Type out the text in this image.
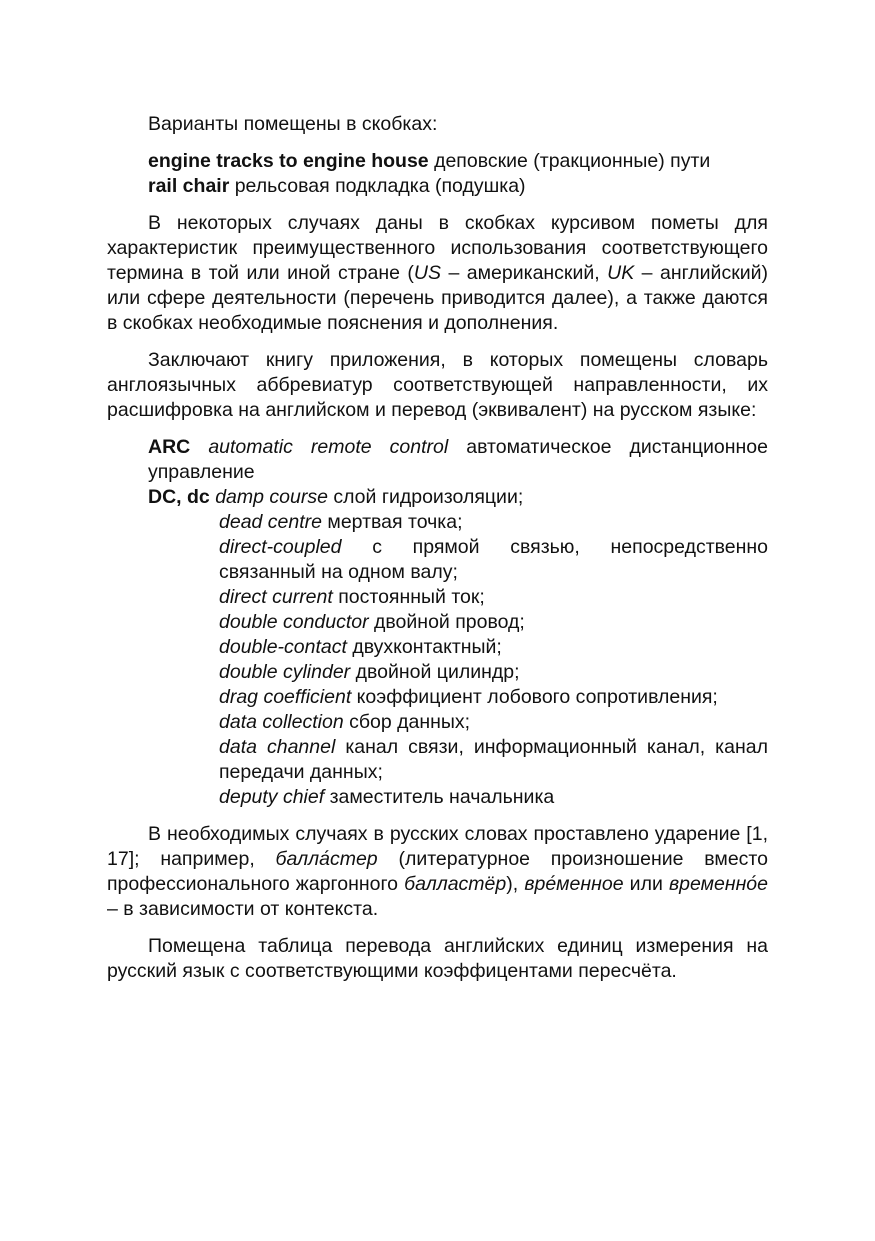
Варианты помещены в скобках:

engine tracks to engine house деповские (тракционные) пути
rail chair рельсовая подкладка (подушка)

В некоторых случаях даны в скобках курсивом пометы для характеристик преимущественного использования соответствующего термина в той или иной стране (US – американский, UK – английский) или сфере деятельности (перечень приводится далее), а также даются в скобках необходимые пояснения и дополнения.

Заключают книгу приложения, в которых помещены словарь англоязычных аббревиатур соответствующей направленности, их расшифровка на английском и перевод (эквивалент) на русском языке:

ARC automatic remote control автоматическое дистанционное управление

DC, dc damp course слой гидроизоляции;

dead centre мертвая точка;

direct-coupled с прямой связью, непосредственно связанный на одном валу;

direct current постоянный ток;

double conductor двойной провод;

double-contact двухконтактный;

double cylinder двойной цилиндр;

drag coefficient коэффициент лобового сопротивления;

data collection сбор данных;

data channel канал связи, информационный канал, канал передачи данных;

deputy chief заместитель начальника

В необходимых случаях в русских словах проставлено ударение [1, 17]; например, балла́стер (литературное произношение вместо профессионального жаргонного балластёр), вре́менное или временно́е – в зависимости от контекста.

Помещена таблица перевода английских единиц измерения на русский язык с соответствующими коэффицентами пересчёта.
